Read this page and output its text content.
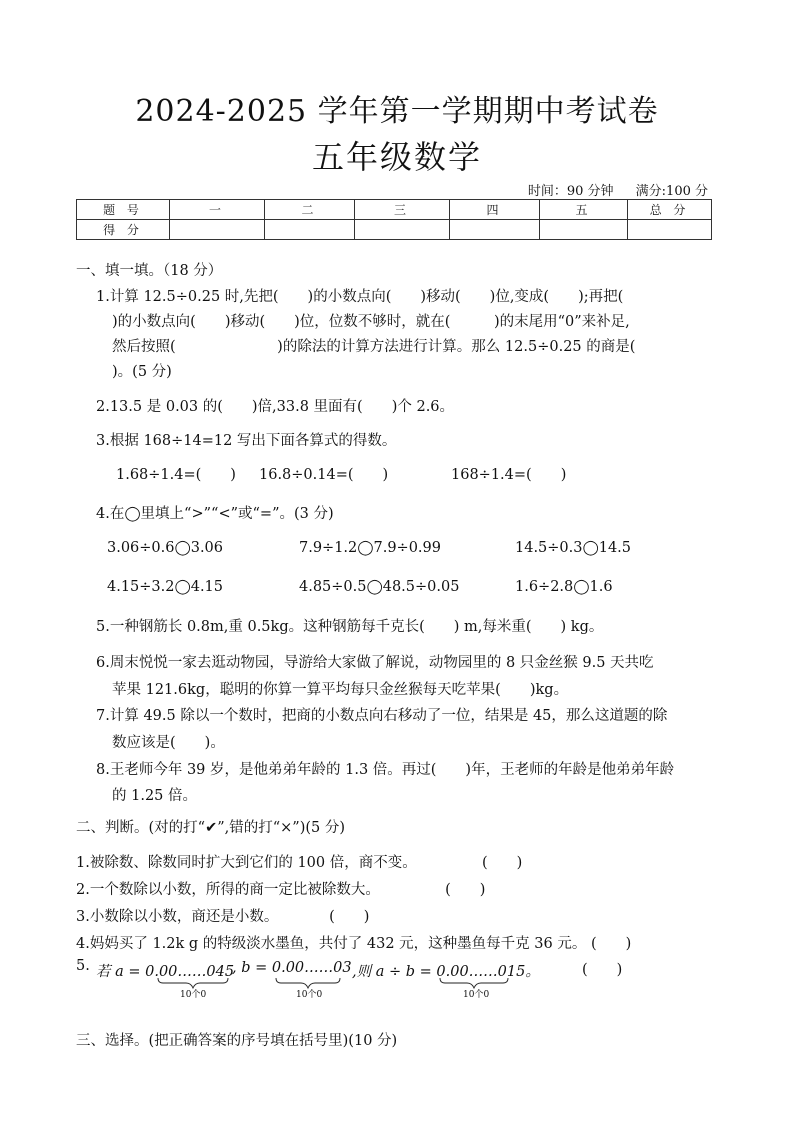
2024-2025 学年第一学期期中考试卷
五年级数学
时间：90 分钟 满分:100 分
题 号	一	二	三	四	五	总 分
得 分						
一、填一填。（18 分）
1.计算 12.5÷0.25 时,先把(　　)的小数点向(　　)移动(　　)位,变成(　　);再把(
)的小数点向(　　)移动(　　)位，位数不够时，就在(　　　)的末尾用“0”来补足,
然后按照(　　　　　　　)的除法的计算方法进行计算。那么 12.5÷0.25 的商是(
)。(5 分)
2.13.5 是 0.03 的(　　)倍,33.8 里面有(　　)个 2.6。
3.根据 168÷14=12 写出下面各算式的得数。
1.68÷1.4=(　　) 16.8÷0.14=(　　)	168÷1.4=(　　)
4.在◯里填上“>”“<”或“=”。(3 分)
3.06÷0.6◯3.06	7.9÷1.2◯7.9÷0.99	14.5÷0.3◯14.5
4.15÷3.2◯4.15	4.85÷0.5◯48.5÷0.05	1.6÷2.8◯1.6
5.一种钢筋长 0.8m,重 0.5kg。这种钢筋每千克长(　　) m,每米重(　　) kg。
6.周末悦悦一家去逛动物园，导游给大家做了解说，动物园里的 8 只金丝猴 9.5 天共吃
苹果 121.6kg，聪明的你算一算平均每只金丝猴每天吃苹果(　　)kg。
7.计算 49.5 除以一个数时，把商的小数点向右移动了一位，结果是 45，那么这道题的除
数应该是(　　)。
8.王老师今年 39 岁，是他弟弟年龄的 1.3 倍。再过(　　)年，王老师的年龄是他弟弟年龄
的 1.25 倍。
二、判断。(对的打“✔”,错的打“×”)(5 分)
1.被除数、除数同时扩大到它们的 100 倍，商不变。　　　　　(　　)
2.一个数除以小数，所得的商一定比被除数大。　　　　　(　　)
3.小数除以小数，商还是小数。　　　　(　　)
4.妈妈买了 1.2k g 的特级淡水墨鱼，共付了 432 元，这种墨鱼每千克 36 元。 (　　)
5. 若 a = 0.00……045
, b = 0.00……03 ,则 a ÷ b = 0.00……015。	(　　)
10个0	10个0	10个0
三、选择。(把正确答案的序号填在括号里)(10 分)
